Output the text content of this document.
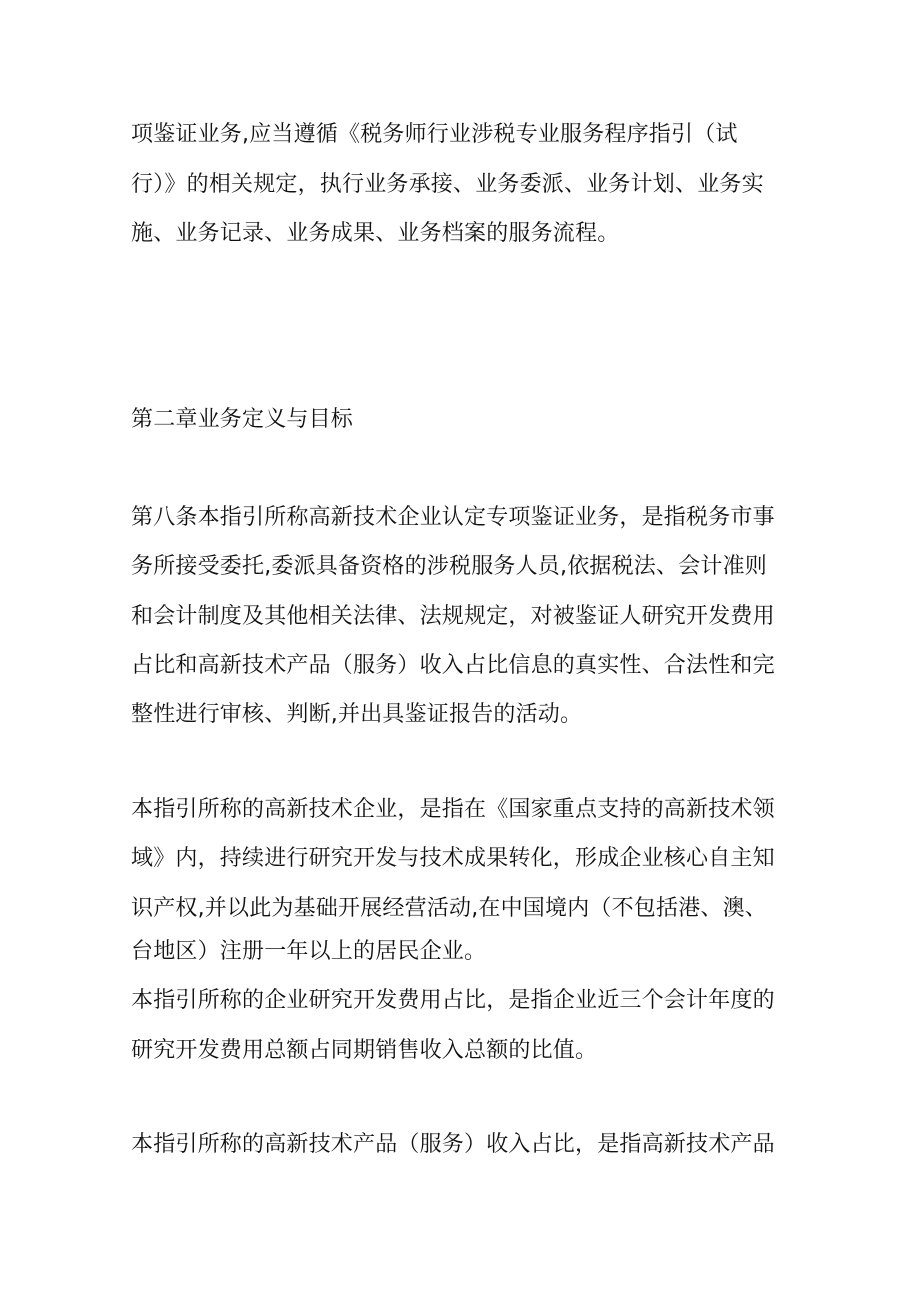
项鉴证业务,应当遵循《税务师行业涉税专业服务程序指引（试

行）》的相关规定，执行业务承接、业务委派、业务计划、业务实

施、业务记录、业务成果、业务档案的服务流程。

第二章业务定义与目标

第八条本指引所称高新技术企业认定专项鉴证业务，是指税务市事

务所接受委托,委派具备资格的涉税服务人员,依据税法、会计准则

和会计制度及其他相关法律、法规规定，对被鉴证人研究开发费用

占比和高新技术产品（服务）收入占比信息的真实性、合法性和完

整性进行审核、判断,并出具鉴证报告的活动。

本指引所称的高新技术企业，是指在《国家重点支持的高新技术领

域》内，持续进行研究开发与技术成果转化，形成企业核心自主知

识产权,并以此为基础开展经营活动,在中国境内（不包括港、澳、

台地区）注册一年以上的居民企业。

本指引所称的企业研究开发费用占比，是指企业近三个会计年度的

研究开发费用总额占同期销售收入总额的比值。

本指引所称的高新技术产品（服务）收入占比，是指高新技术产品
